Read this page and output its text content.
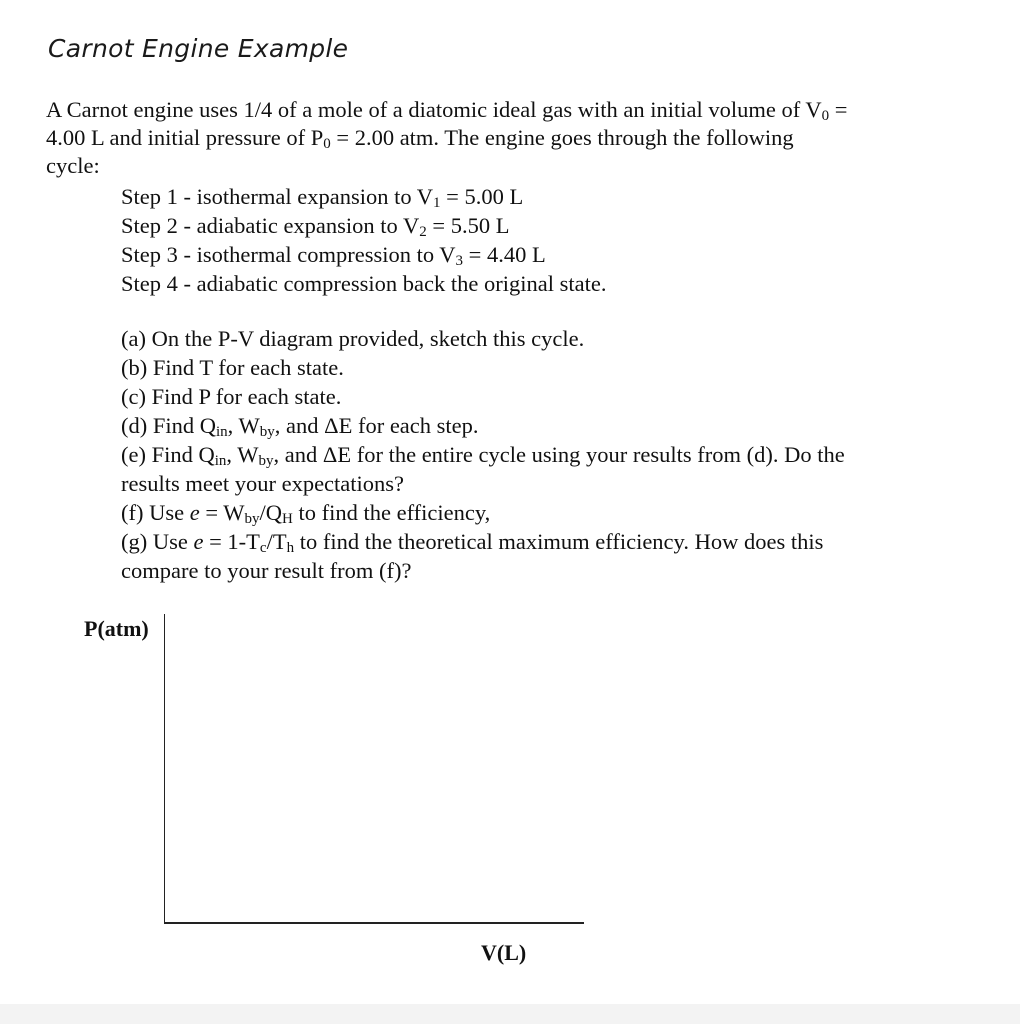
Carnot Engine Example
A Carnot engine uses 1/4 of a mole of a diatomic ideal gas with an initial volume of $V_0$ =
4.00 L and initial pressure of $P_0 = 2.00$ atm. The engine goes through the following
cycle:
Step 1 - isothermal expansion to $V_1 = 5.00$ L
Step 2 - adiabatic expansion to $V_2 = 5.50$ L
Step 3 - isothermal compression to $V_3 = 4.40$ L
Step 4 - adiabatic compression back the original state.
(a) On the P-V diagram provided, sketch this cycle.
(b) Find T for each state.
(c) Find P for each state.
(d) Find $Q_{in}$, $W_{by}$, and ΔE for each step.
(e) Find $Q_{in}$, $W_{by}$, and ΔE for the entire cycle using your results from (d). Do the
results meet your expectations?
(f) Use $e = W_{by}/Q_H$ to find the efficiency,
(g) Use $e = 1-T_c/T_h$ to find the theoretical maximum efficiency. How does this
compare to your result from (f)?
P(atm)
V(L)
